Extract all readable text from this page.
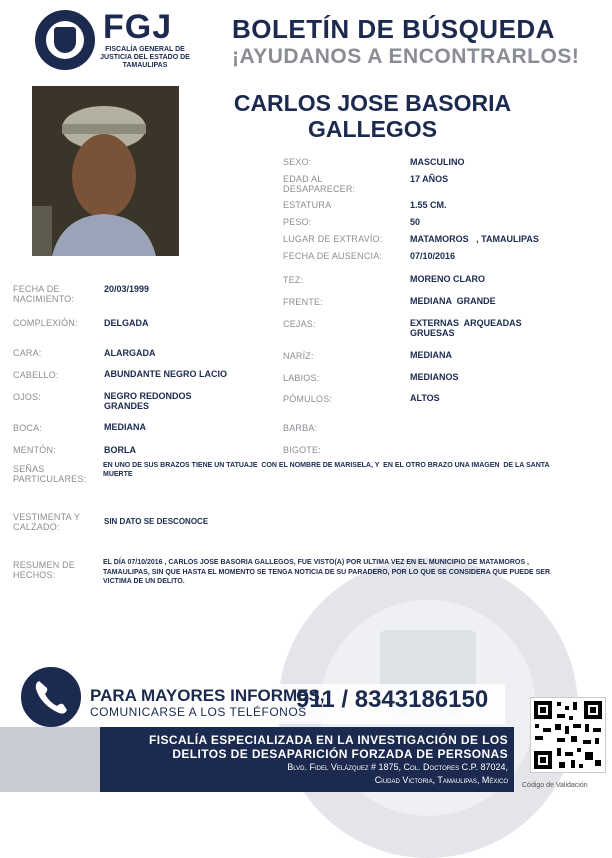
FGJ
FISCALÍA GENERAL DE JUSTICIA DEL ESTADO DE TAMAULIPAS
BOLETÍN DE BÚSQUEDA
¡AYUDANOS A ENCONTRARLOS!
CARLOS JOSE BASORIA GALLEGOS
SEXO:	MASCULINO
EDAD AL DESAPARECER:
17 AÑOS
ESTATURA	1.55 CM.
PESO:	50
LUGAR DE EXTRAVÍO:	MATAMOROS   , TAMAULIPAS
FECHA DE AUSENCIA:	07/10/2016
TEZ:	MORENO CLARO
FRENTE:	MEDIANA  GRANDE
CEJAS:	EXTERNAS  ARQUEADAS GRUESAS
NARÍZ:	MEDIANA
LABIOS:	MEDIANOS
PÓMULOS:	ALTOS
BARBA:
BIGOTE:
FECHA DE NACIMIENTO:
20/03/1999
COMPLEXIÓN:	DELGADA
CARA:	ALARGADA
CABELLO:	ABUNDANTE NEGRO LACIO
OJOS:	NEGRO REDONDOS GRANDES
BOCA:	MEDIANA
MENTÓN:	BORLA
SEÑAS PARTICULARES:
EN UNO DE SUS BRAZOS TIENE UN TATUAJE  CON EL NOMBRE DE MARISELA, Y  EN EL OTRO BRAZO UNA IMAGEN  DE LA SANTA MUERTE
VESTIMENTA Y CALZADO:
SIN DATO SE DESCONOCE
RESUMEN DE HECHOS:
EL DÍA 07/10/2016 , CARLOS JOSE BASORIA GALLEGOS, FUE VISTO(A) POR ULTIMA VEZ EN EL MUNICIPIO DE MATAMOROS , TAMAULIPAS, SIN QUE HASTA EL MOMENTO SE TENGA NOTICIA DE SU PARADERO, POR LO QUE SE CONSIDERA QUE PUEDE SER VICTIMA DE UN DELITO.
PARA MAYORES INFORMES,
COMUNICARSE A LOS TELÉFONOS
911 / 8343186150
FISCALÍA ESPECIALIZADA EN LA INVESTIGACIÓN DE LOS
DELITOS DE DESAPARICIÓN FORZADA DE PERSONAS
Blvd. Fidel Velázquez # 1875, Col. Doctores C.P. 87024,
Ciudad Victoria, Tamaulipas, México
Código de Validación
